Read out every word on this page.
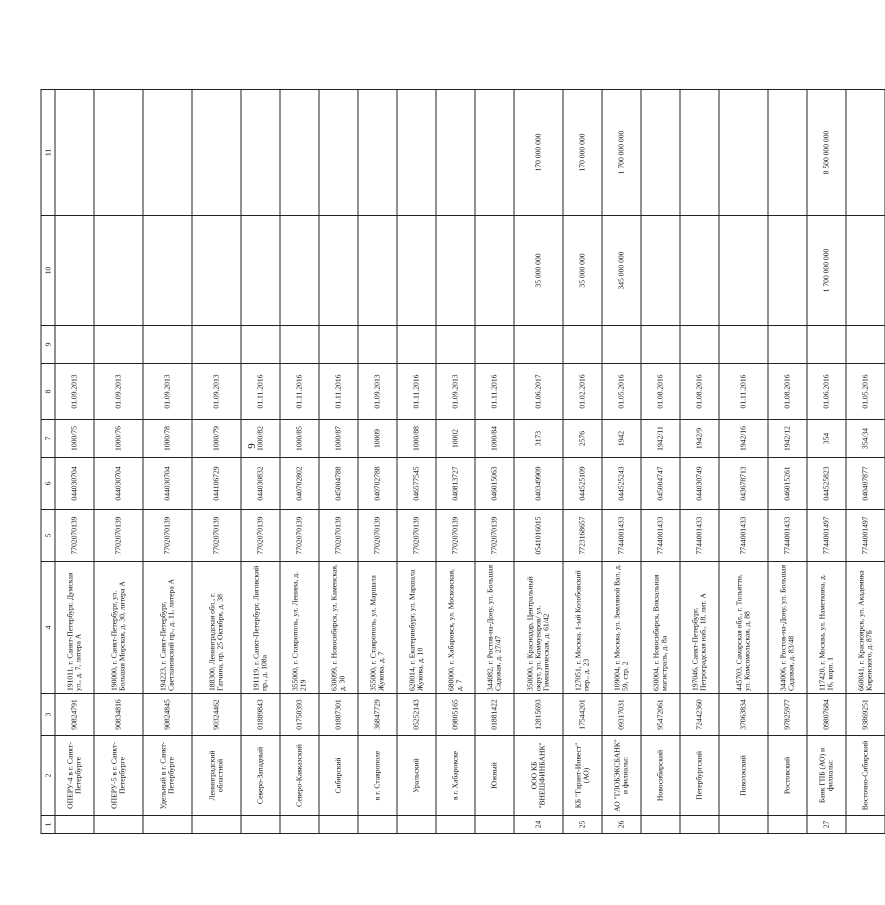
9
1	2	3	4	5	6	7	8	9	10	11
	ОПЕРУ-4 в г. Санкт-Петербурге	90824791	191011, г. Санкт-Петербург, Думская ул., д. 7, литера А	7702070139	044030704	1000/75	01.09.2013			
	ОПЕРУ-5 в г. Санкт-Петербурге	90834816	190000, г. Санкт-Петербург, ул. Большая Морская, д. 30, литера А	7702070139	044030704	1000/76	01.09.2013			
	Удельный в г. Санкт-Петербурге	90824845	194223, г. Санкт-Петербург, Светлановский пр., д. 11, литера А	7702070139	044030704	1000/78	01.09.2013			
	Ленинградский областной	90324462	188300, Ленинградская обл., г. Гатчина, пр. 25 Октября, д. 38	7702070139	044106729	1000/79	01.09.2013			
	Северо-Западный	01889843	191119, г. Санкт-Петербург, Лиговский пр., д. 108а	7702070139	044030832	1000/82	01.11.2016			
	Северо-Кавказский	01750393	355000, г. Ставрополь, ул. Ленина, д. 219	7702070139	040702802	1000/85	01.11.2016			
	Сибирский	01887301	630099, г. Новосибирск, ул. Каменская, д. 30	7702070139	045004788	1000/87	01.11.2016			
	в г. Ставрополе	36847729	355000, г. Ставрополь, ул. Маршала Жукова, д. 7	7702070139	040702788	10009	01.09.2013			
	Уральский	05252143	620014, г. Екатеринбург, ул. Маршала Жукова, д. 10	7702070139	046577545	1000/88	01.11.2016			
	в г. Хабаровске	09805165	680000, г. Хабаровск, ул. Московская, д. 7	7702070139	040813727	10002	01.09.2013			
	Южный	01881422	344082, г. Ростов-на-Дону, ул. Большая Садовая, д. 27/47	7702070139	046015063	1000/84	01.11.2016			
24	ООО КБ "ВНЕШФИНБАНК"	12815693	350000, г. Краснодар, Центральный округ, ул. Коммунаров/ ул. Гимназическая, д. 61/42	0541016015	040349909	3173	01.06.2017		35 000 000	170 000 000
25	КБ "Гарант-Инвест" (АО)	17544201	127051, г. Москва, 1-ый Колобовский пер., д. 23	7723168657	044525109	2576	01.02.2016		35 000 000	170 000 000
26	АО "ГЛОБЭКСБАНК" и филиалы:	09317031	109004, г. Москва, ул. Земляной Вал, д. 59, стр. 2	7744001433	044525243	1942	01.05.2016		345 000 000	1 700 000 000
	Новосибирский	95472061	630004, г. Новосибирск, Вокзальная магистраль, д. 8а	7744001433	045004747	1942/11	01.08.2016			
	Петербургский	72442360	197046, Санкт-Петербург, Петроградская наб., 18, лит. А	7744001433	044030749	1942/9	01.08.2016			
	Поволжский	37063834	445703, Самарская обл., г. Тольятти, ул. Комсомольская, д. 88	7744001433	043678713	1942/16	01.11.2016			
	Ростовский	97825977	344006, г. Ростов-на-Дону, ул. Большая Садовая, д. 83/48	7744001433	046015261	1942/12	01.08.2016			
27	Банк ГПБ (АО) и филиалы:	09807684	117420, г. Москва, ул. Наметкина, д. 16, корп. 1	7744001497	044525823	354	01.06.2016		1 700 000 000	8 500 000 000
	Восточно-Сибирский	93869251	660041, г. Красноярск, ул. Академика Киренского, д. 87Б	7744001497	040407877	354/34	01.05.2016			
